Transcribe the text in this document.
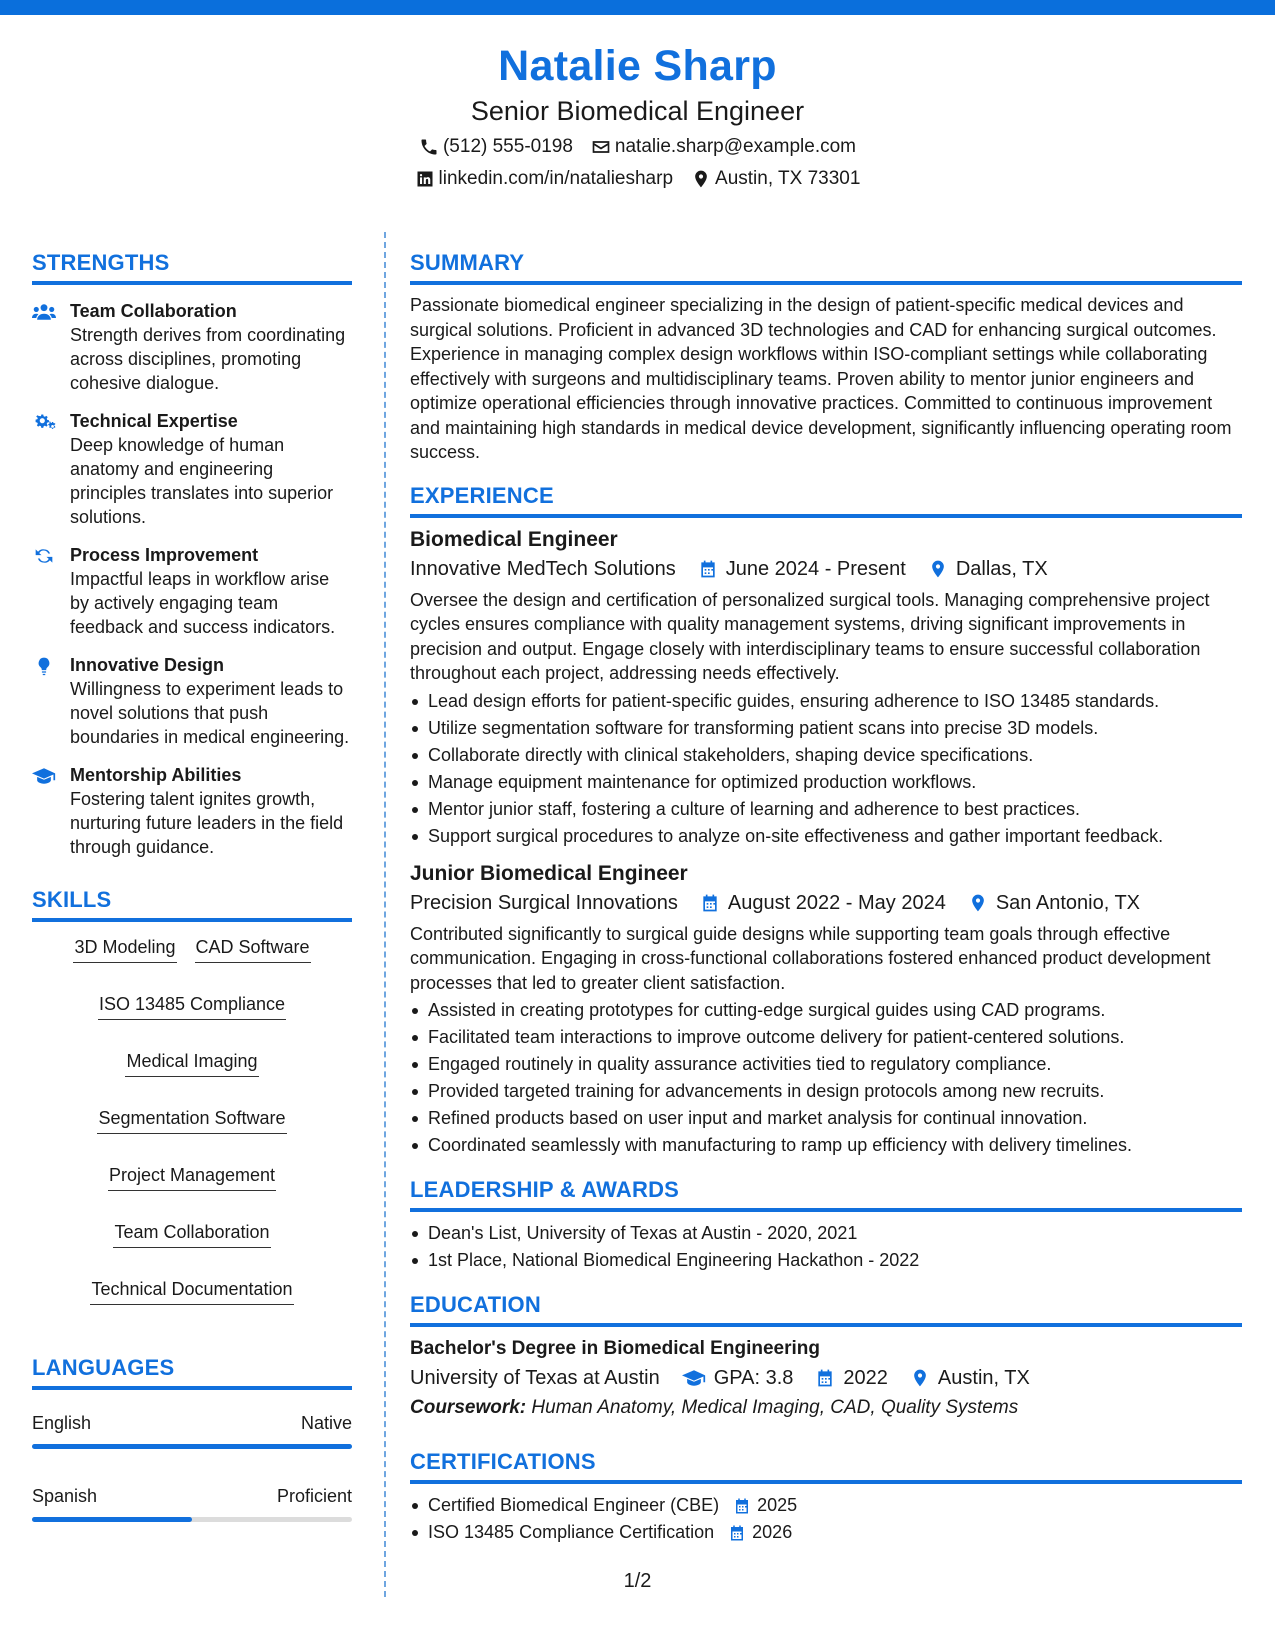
Natalie Sharp
Senior Biomedical Engineer
(512) 555-0198 natalie.sharp@example.com
linkedin.com/in/nataliesharp Austin, TX 73301
STRENGTHS
Team Collaboration
Strength derives from coordinating across disciplines, promoting cohesive dialogue.
Technical Expertise
Deep knowledge of human anatomy and engineering principles translates into superior solutions.
Process Improvement
Impactful leaps in workflow arise by actively engaging team feedback and success indicators.
Innovative Design
Willingness to experiment leads to novel solutions that push boundaries in medical engineering.
Mentorship Abilities
Fostering talent ignites growth, nurturing future leaders in the field through guidance.
SKILLS
3D Modeling CAD Software
ISO 13485 Compliance
Medical Imaging
Segmentation Software
Project Management
Team Collaboration
Technical Documentation
LANGUAGES
English	Native
Spanish	Proficient
SUMMARY
Passionate biomedical engineer specializing in the design of patient-specific medical devices and surgical solutions. Proficient in advanced 3D technologies and CAD for enhancing surgical outcomes. Experience in managing complex design workflows within ISO-compliant settings while collaborating effectively with surgeons and multidisciplinary teams. Proven ability to mentor junior engineers and optimize operational efficiencies through innovative practices. Committed to continuous improvement and maintaining high standards in medical device development, significantly influencing operating room success.
EXPERIENCE
Biomedical Engineer
Innovative MedTech Solutions	June 2024 - Present	Dallas, TX
Oversee the design and certification of personalized surgical tools. Managing comprehensive project cycles ensures compliance with quality management systems, driving significant improvements in precision and output. Engage closely with interdisciplinary teams to ensure successful collaboration throughout each project, addressing needs effectively.
Lead design efforts for patient-specific guides, ensuring adherence to ISO 13485 standards.
Utilize segmentation software for transforming patient scans into precise 3D models.
Collaborate directly with clinical stakeholders, shaping device specifications.
Manage equipment maintenance for optimized production workflows.
Mentor junior staff, fostering a culture of learning and adherence to best practices.
Support surgical procedures to analyze on-site effectiveness and gather important feedback.
Junior Biomedical Engineer
Precision Surgical Innovations	August 2022 - May 2024	San Antonio, TX
Contributed significantly to surgical guide designs while supporting team goals through effective communication. Engaging in cross-functional collaborations fostered enhanced product development processes that led to greater client satisfaction.
Assisted in creating prototypes for cutting-edge surgical guides using CAD programs.
Facilitated team interactions to improve outcome delivery for patient-centered solutions.
Engaged routinely in quality assurance activities tied to regulatory compliance.
Provided targeted training for advancements in design protocols among new recruits.
Refined products based on user input and market analysis for continual innovation.
Coordinated seamlessly with manufacturing to ramp up efficiency with delivery timelines.
LEADERSHIP & AWARDS
Dean's List, University of Texas at Austin - 2020, 2021
1st Place, National Biomedical Engineering Hackathon - 2022
EDUCATION
Bachelor's Degree in Biomedical Engineering
University of Texas at Austin	GPA: 3.8	2022	Austin, TX
Coursework: Human Anatomy, Medical Imaging, CAD, Quality Systems
CERTIFICATIONS
Certified Biomedical Engineer (CBE) 2025
ISO 13485 Compliance Certification 2026
1/2
